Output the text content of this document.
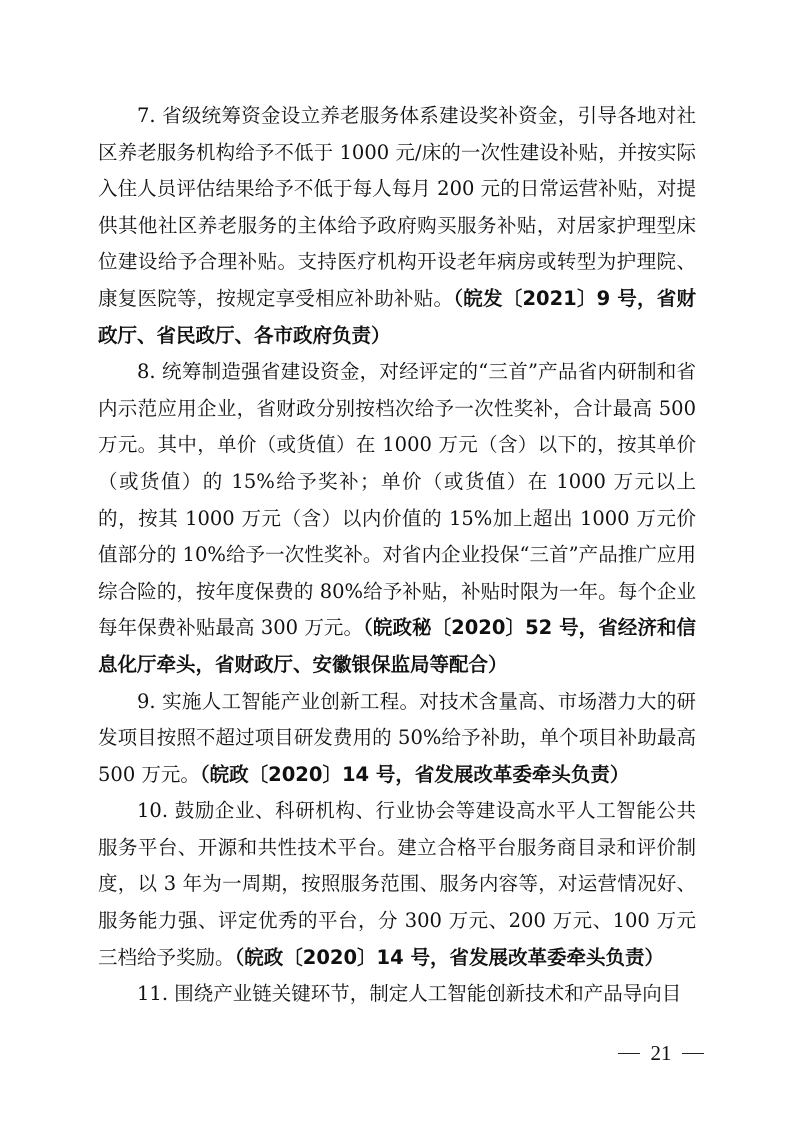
7. 省级统筹资金设立养老服务体系建设奖补资金，引导各地对社区养老服务机构给予不低于 1000 元/床的一次性建设补贴，并按实际入住人员评估结果给予不低于每人每月 200 元的日常运营补贴，对提供其他社区养老服务的主体给予政府购买服务补贴，对居家护理型床位建设给予合理补贴。支持医疗机构开设老年病房或转型为护理院、康复医院等，按规定享受相应补助补贴。（皖发〔2021〕9 号，省财政厅、省民政厅、各市政府负责）

8. 统筹制造强省建设资金，对经评定的“三首”产品省内研制和省内示范应用企业，省财政分别按档次给予一次性奖补，合计最高 500 万元。其中，单价（或货值）在 1000 万元（含）以下的，按其单价（或货值）的 15%给予奖补；单价（或货值）在 1000 万元以上的，按其 1000 万元（含）以内价值的 15%加上超出 1000 万元价值部分的 10%给予一次性奖补。对省内企业投保“三首”产品推广应用综合险的，按年度保费的 80%给予补贴，补贴时限为一年。每个企业每年保费补贴最高 300 万元。（皖政秘〔2020〕52 号，省经济和信息化厅牵头，省财政厅、安徽银保监局等配合）

9. 实施人工智能产业创新工程。对技术含量高、市场潜力大的研发项目按照不超过项目研发费用的 50%给予补助，单个项目补助最高 500 万元。（皖政〔2020〕14 号，省发展改革委牵头负责）

10. 鼓励企业、科研机构、行业协会等建设高水平人工智能公共服务平台、开源和共性技术平台。建立合格平台服务商目录和评价制度，以 3 年为一周期，按照服务范围、服务内容等，对运营情况好、服务能力强、评定优秀的平台，分 300 万元、200 万元、100 万元三档给予奖励。（皖政〔2020〕14 号，省发展改革委牵头负责）

11. 围绕产业链关键环节，制定人工智能创新技术和产品导向目

21
